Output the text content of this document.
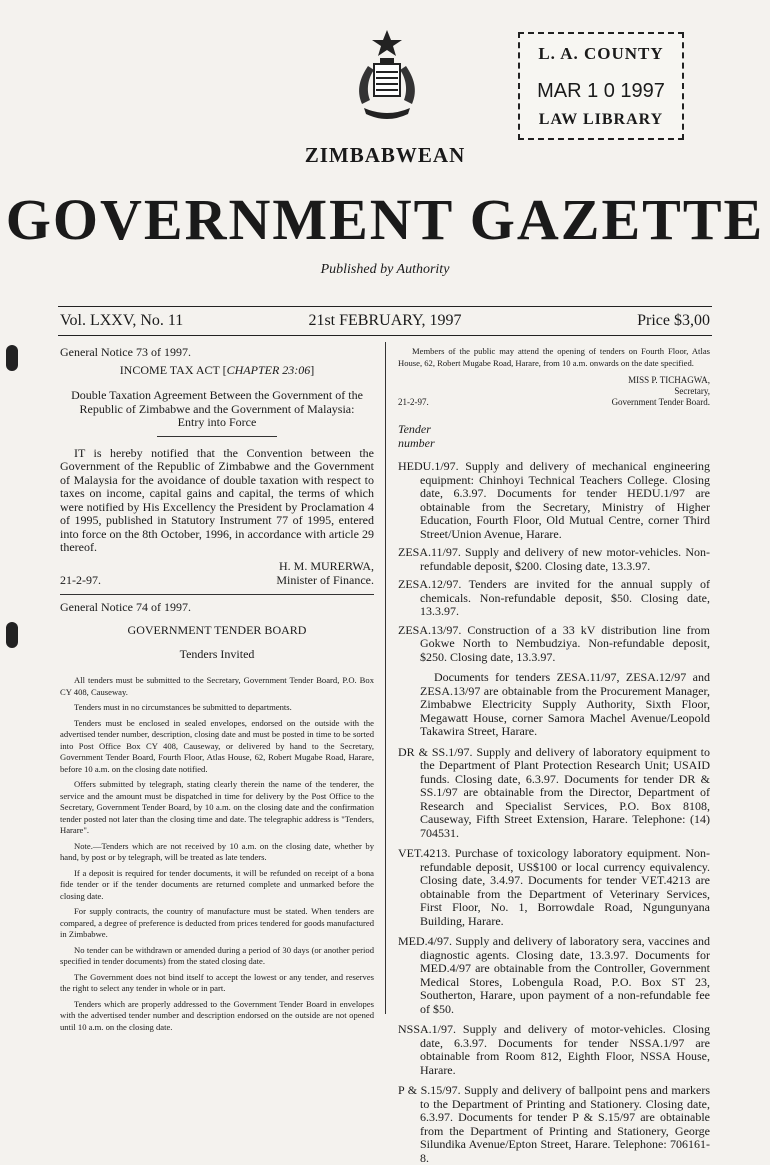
L. A. COUNTY
MAR 1 0 1997
LAW LIBRARY
ZIMBABWEAN
GOVERNMENT GAZETTE
Published by Authority
Vol. LXXV, No. 11	21st FEBRUARY, 1997	Price $3,00

General Notice 73 of 1997.

INCOME TAX ACT [CHAPTER 23:06]

Double Taxation Agreement Between the Government of the Republic of Zimbabwe and the Government of Malaysia: Entry into Force

IT is hereby notified that the Convention between the Government of the Republic of Zimbabwe and the Government of Malaysia for the avoidance of double taxation with respect to taxes on income, capital gains and capital, the terms of which were notified by His Excellency the President by Proclamation 4 of 1995, published in Statutory Instrument 77 of 1995, entered into force on the 8th October, 1996, in accordance with article 29 thereof.

H. M. MURERWA,
21-2-97.	Minister of Finance.

General Notice 74 of 1997.

GOVERNMENT TENDER BOARD

Tenders Invited

All tenders must be submitted to the Secretary, Government Tender Board, P.O. Box CY 408, Causeway.

Tenders must in no circumstances be submitted to departments.

Tenders must be enclosed in sealed envelopes, endorsed on the outside with the advertised tender number, description, closing date and must be posted in time to be sorted into Post Office Box CY 408, Causeway, or delivered by hand to the Secretary, Government Tender Board, Fourth Floor, Atlas House, 62, Robert Mugabe Road, Harare, before 10 a.m. on the closing date notified.

Offers submitted by telegraph, stating clearly therein the name of the tenderer, the service and the amount must be dispatched in time for delivery by the Post Office to the Secretary, Government Tender Board, by 10 a.m. on the closing date and the confirmation tender posted not later than the closing time and date. The telegraphic address is "Tenders, Harare".

Note.—Tenders which are not received by 10 a.m. on the closing date, whether by hand, by post or by telegraph, will be treated as late tenders.

If a deposit is required for tender documents, it will be refunded on receipt of a bona fide tender or if the tender documents are returned complete and unmarked before the closing date.

For supply contracts, the country of manufacture must be stated. When tenders are compared, a degree of preference is deducted from prices tendered for goods manufactured in Zimbabwe.

No tender can be withdrawn or amended during a period of 30 days (or another period specified in tender documents) from the stated closing date.

The Government does not bind itself to accept the lowest or any tender, and reserves the right to select any tender in whole or in part.

Tenders which are properly addressed to the Government Tender Board in envelopes with the advertised tender number and description endorsed on the outside are not opened until 10 a.m. on the closing date.

Members of the public may attend the opening of tenders on Fourth Floor, Atlas House, 62, Robert Mugabe Road, Harare, from 10 a.m. onwards on the date specified.

MISS P. TICHAGWA,
Secretary,
21-2-97.	Government Tender Board.
Tender
number

HEDU.1/97. Supply and delivery of mechanical engineering equipment: Chinhoyi Technical Teachers College. Closing date, 6.3.97. Documents for tender HEDU.1/97 are obtainable from the Secretary, Ministry of Higher Education, Fourth Floor, Old Mutual Centre, corner Third Street/Union Avenue, Harare.

ZESA.11/97. Supply and delivery of new motor-vehicles. Non-refundable deposit, $200. Closing date, 13.3.97.

ZESA.12/97. Tenders are invited for the annual supply of chemicals. Non-refundable deposit, $50. Closing date, 13.3.97.

ZESA.13/97. Construction of a 33 kV distribution line from Gokwe North to Nembudziya. Non-refundable deposit, $250. Closing date, 13.3.97.

Documents for tenders ZESA.11/97, ZESA.12/97 and ZESA.13/97 are obtainable from the Procurement Manager, Zimbabwe Electricity Supply Authority, Sixth Floor, Megawatt House, corner Samora Machel Avenue/Leopold Takawira Street, Harare.

DR & SS.1/97. Supply and delivery of laboratory equipment to the Department of Plant Protection Research Unit; USAID funds. Closing date, 6.3.97. Documents for tender DR & SS.1/97 are obtainable from the Director, Department of Research and Specialist Services, P.O. Box 8108, Causeway, Fifth Street Extension, Harare. Telephone: (14) 704531.

VET.4213. Purchase of toxicology laboratory equipment. Non-refundable deposit, US$100 or local currency equivalency. Closing date, 3.4.97. Documents for tender VET.4213 are obtainable from the Department of Veterinary Services, First Floor, No. 1, Borrowdale Road, Ngungunyana Building, Harare.

MED.4/97. Supply and delivery of laboratory sera, vaccines and diagnostic agents. Closing date, 13.3.97. Documents for MED.4/97 are obtainable from the Controller, Government Medical Stores, Lobengula Road, P.O. Box ST 23, Southerton, Harare, upon payment of a non-refundable fee of $50.

NSSA.1/97. Supply and delivery of motor-vehicles. Closing date, 6.3.97. Documents for tender NSSA.1/97 are obtainable from Room 812, Eighth Floor, NSSA House, Harare.

P & S.15/97. Supply and delivery of ballpoint pens and markers to the Department of Printing and Stationery. Closing date, 6.3.97. Documents for tender P & S.15/97 are obtainable from the Department of Printing and Stationery, George Silundika Avenue/Epton Street, Harare. Telephone: 706161-8.
